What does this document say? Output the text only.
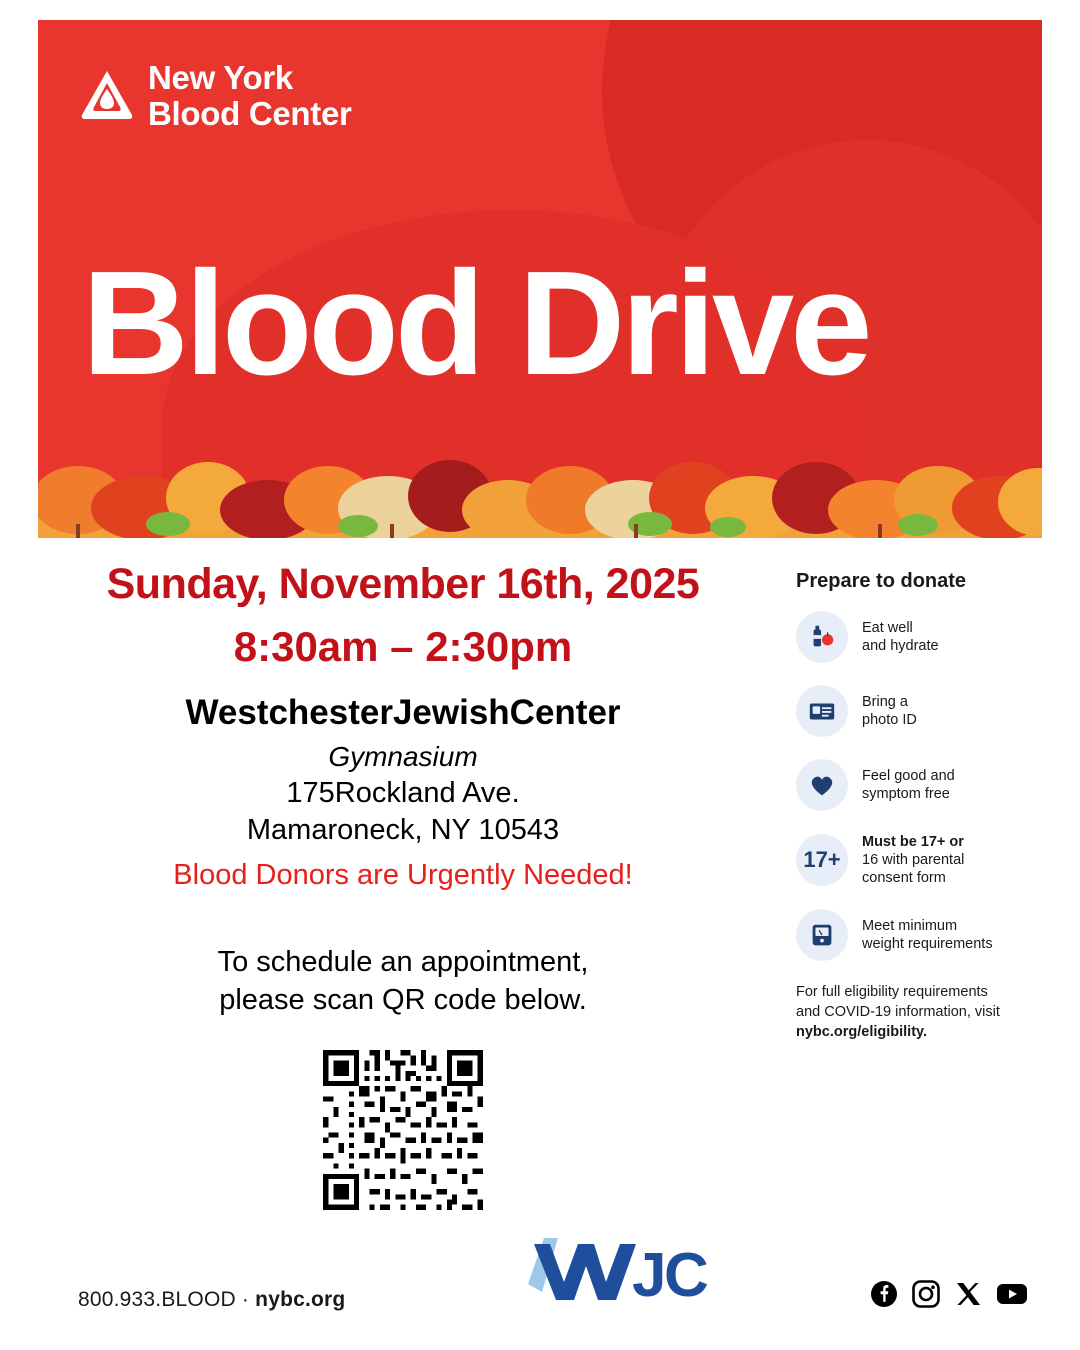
New York
Blood Center
Blood Drive
Sunday, November 16th, 2025
8:30am – 2:30pm
WestchesterJewishCenter
Gymnasium
175Rockland Ave.
Mamaroneck, NY 10543
Blood Donors are Urgently Needed!
To schedule an appointment,
please scan QR code below.
Prepare to donate
Eat well
and hydrate
Bring a
photo ID
Feel good and
symptom free
17+
Must be 17+ or
16 with parental
consent form
Meet minimum
weight requirements
For full eligibility requirements
and COVID-19 information, visit
nybc.org/eligibility.
800.933.BLOOD · nybc.org	J
C
